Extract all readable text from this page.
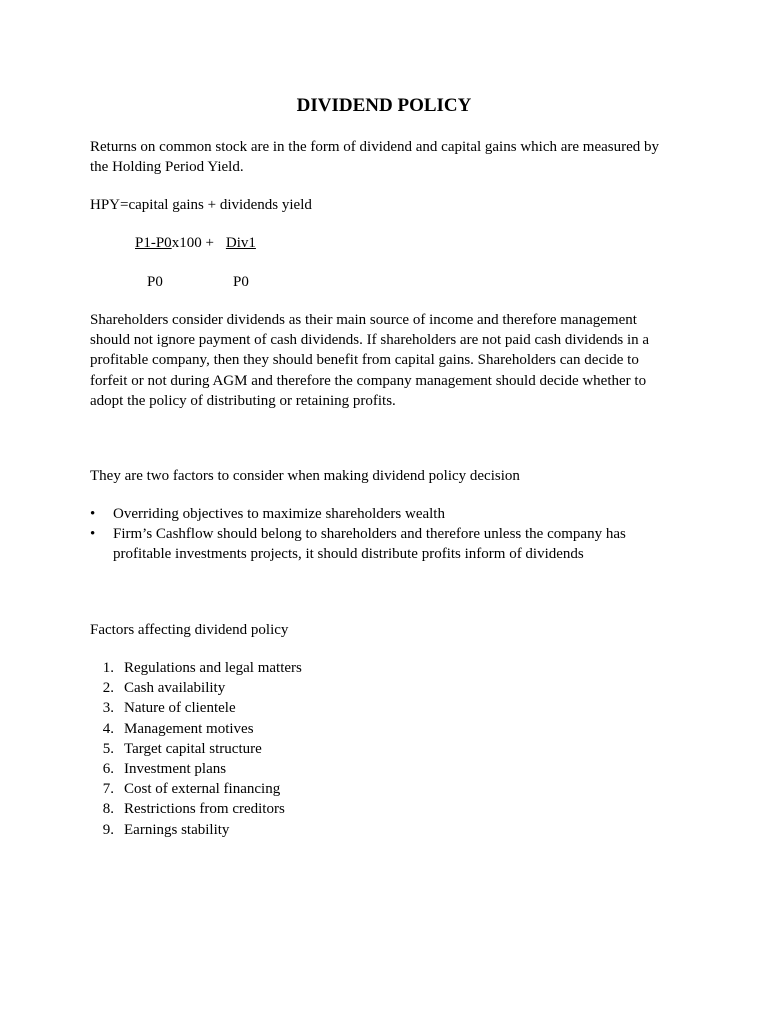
DIVIDEND POLICY
Returns on common stock are in the form of dividend and capital gains which are measured by the Holding Period Yield.
HPY=capital gains + dividends yield
P1-P0x100 + Div1
P0	P0
Shareholders consider dividends as their main source of income and therefore management should not ignore payment of cash dividends. If shareholders are not paid cash dividends in a profitable company, then they should benefit from capital gains. Shareholders can decide to forfeit or not during AGM and therefore the company management should decide whether to adopt the policy of distributing or retaining profits.
They are two factors to consider when making dividend policy decision
• Overriding objectives to maximize shareholders wealth
• Firm’s Cashflow should belong to shareholders and therefore unless the company has profitable investments projects, it should distribute profits inform of dividends
Factors affecting dividend policy
1. Regulations and legal matters
2. Cash availability
3. Nature of clientele
4. Management motives
5. Target capital structure
6. Investment plans
7. Cost of external financing
8. Restrictions from creditors
9. Earnings stability
